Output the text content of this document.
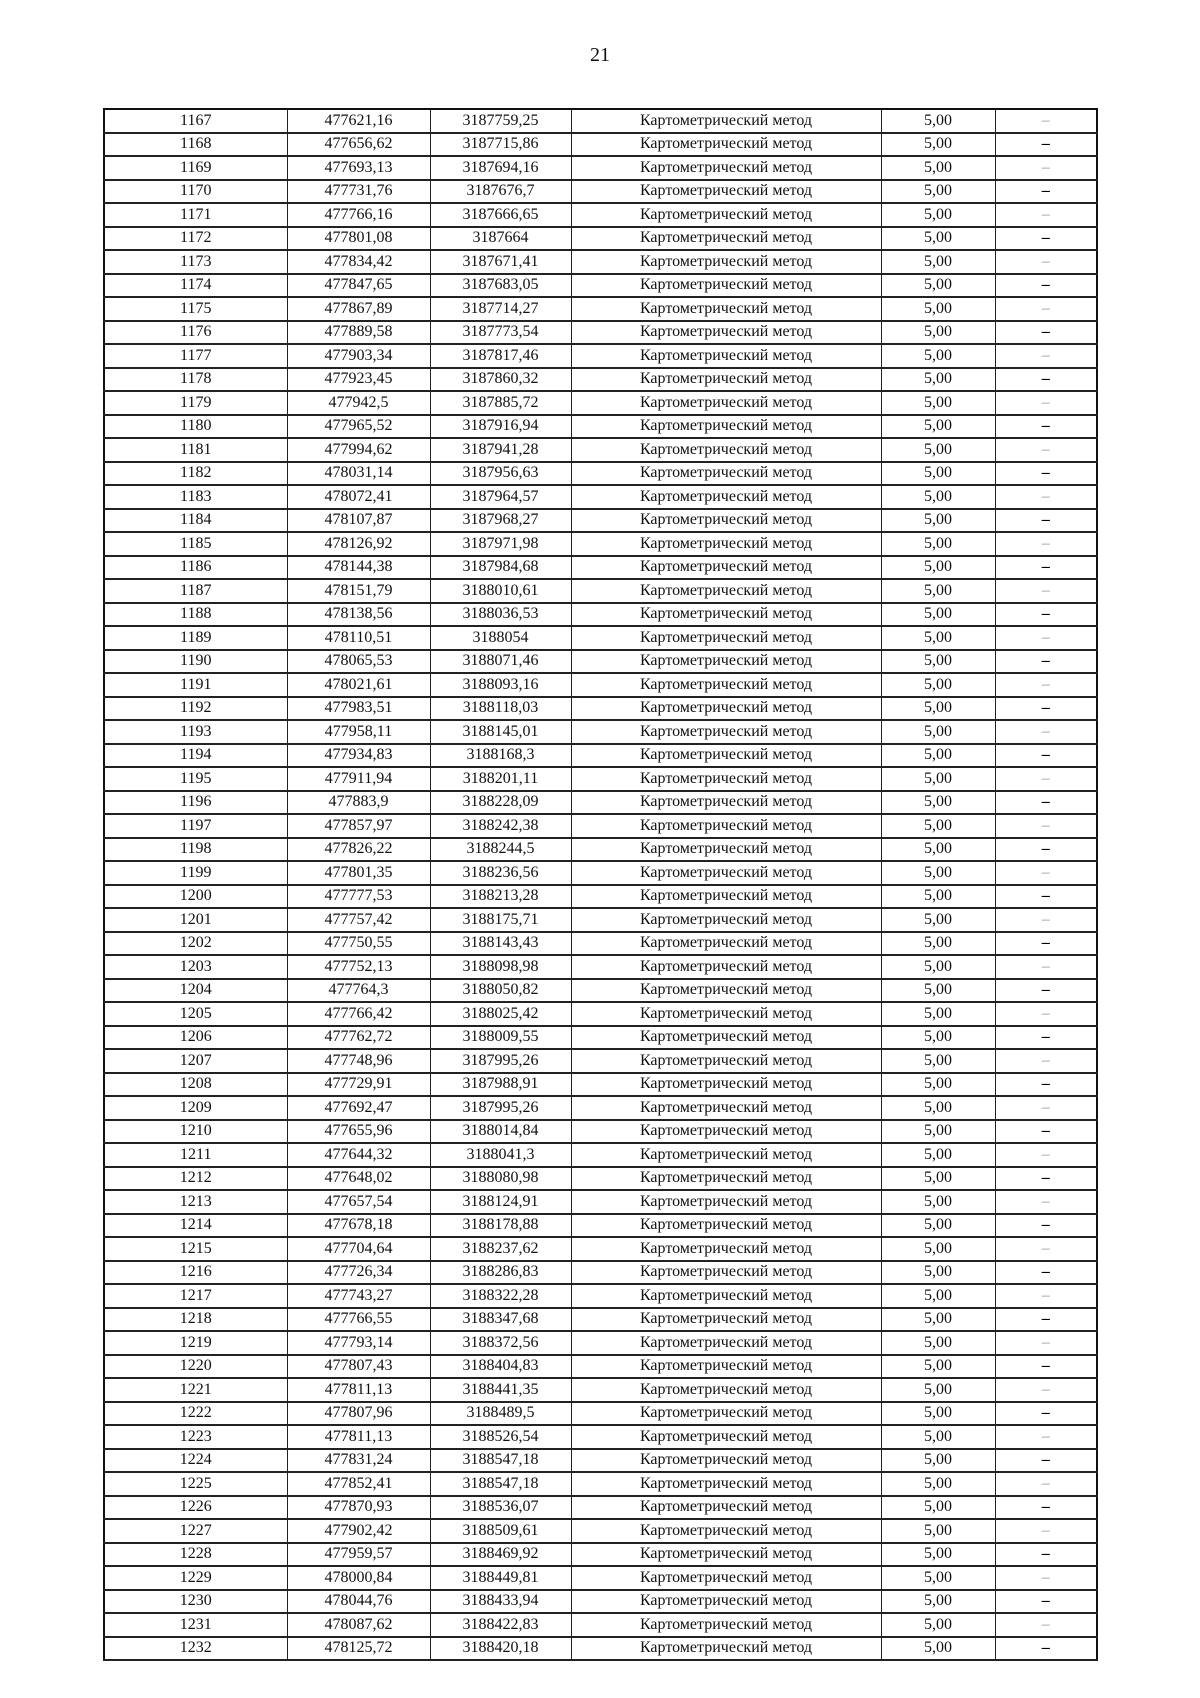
21
1167	477621,16	3187759,25	Картометрический метод	5,00	–
1168	477656,62	3187715,86	Картометрический метод	5,00	–
1169	477693,13	3187694,16	Картометрический метод	5,00	–
1170	477731,76	3187676,7	Картометрический метод	5,00	–
1171	477766,16	3187666,65	Картометрический метод	5,00	–
1172	477801,08	3187664	Картометрический метод	5,00	–
1173	477834,42	3187671,41	Картометрический метод	5,00	–
1174	477847,65	3187683,05	Картометрический метод	5,00	–
1175	477867,89	3187714,27	Картометрический метод	5,00	–
1176	477889,58	3187773,54	Картометрический метод	5,00	–
1177	477903,34	3187817,46	Картометрический метод	5,00	–
1178	477923,45	3187860,32	Картометрический метод	5,00	–
1179	477942,5	3187885,72	Картометрический метод	5,00	–
1180	477965,52	3187916,94	Картометрический метод	5,00	–
1181	477994,62	3187941,28	Картометрический метод	5,00	–
1182	478031,14	3187956,63	Картометрический метод	5,00	–
1183	478072,41	3187964,57	Картометрический метод	5,00	–
1184	478107,87	3187968,27	Картометрический метод	5,00	–
1185	478126,92	3187971,98	Картометрический метод	5,00	–
1186	478144,38	3187984,68	Картометрический метод	5,00	–
1187	478151,79	3188010,61	Картометрический метод	5,00	–
1188	478138,56	3188036,53	Картометрический метод	5,00	–
1189	478110,51	3188054	Картометрический метод	5,00	–
1190	478065,53	3188071,46	Картометрический метод	5,00	–
1191	478021,61	3188093,16	Картометрический метод	5,00	–
1192	477983,51	3188118,03	Картометрический метод	5,00	–
1193	477958,11	3188145,01	Картометрический метод	5,00	–
1194	477934,83	3188168,3	Картометрический метод	5,00	–
1195	477911,94	3188201,11	Картометрический метод	5,00	–
1196	477883,9	3188228,09	Картометрический метод	5,00	–
1197	477857,97	3188242,38	Картометрический метод	5,00	–
1198	477826,22	3188244,5	Картометрический метод	5,00	–
1199	477801,35	3188236,56	Картометрический метод	5,00	–
1200	477777,53	3188213,28	Картометрический метод	5,00	–
1201	477757,42	3188175,71	Картометрический метод	5,00	–
1202	477750,55	3188143,43	Картометрический метод	5,00	–
1203	477752,13	3188098,98	Картометрический метод	5,00	–
1204	477764,3	3188050,82	Картометрический метод	5,00	–
1205	477766,42	3188025,42	Картометрический метод	5,00	–
1206	477762,72	3188009,55	Картометрический метод	5,00	–
1207	477748,96	3187995,26	Картометрический метод	5,00	–
1208	477729,91	3187988,91	Картометрический метод	5,00	–
1209	477692,47	3187995,26	Картометрический метод	5,00	–
1210	477655,96	3188014,84	Картометрический метод	5,00	–
1211	477644,32	3188041,3	Картометрический метод	5,00	–
1212	477648,02	3188080,98	Картометрический метод	5,00	–
1213	477657,54	3188124,91	Картометрический метод	5,00	–
1214	477678,18	3188178,88	Картометрический метод	5,00	–
1215	477704,64	3188237,62	Картометрический метод	5,00	–
1216	477726,34	3188286,83	Картометрический метод	5,00	–
1217	477743,27	3188322,28	Картометрический метод	5,00	–
1218	477766,55	3188347,68	Картометрический метод	5,00	–
1219	477793,14	3188372,56	Картометрический метод	5,00	–
1220	477807,43	3188404,83	Картометрический метод	5,00	–
1221	477811,13	3188441,35	Картометрический метод	5,00	–
1222	477807,96	3188489,5	Картометрический метод	5,00	–
1223	477811,13	3188526,54	Картометрический метод	5,00	–
1224	477831,24	3188547,18	Картометрический метод	5,00	–
1225	477852,41	3188547,18	Картометрический метод	5,00	–
1226	477870,93	3188536,07	Картометрический метод	5,00	–
1227	477902,42	3188509,61	Картометрический метод	5,00	–
1228	477959,57	3188469,92	Картометрический метод	5,00	–
1229	478000,84	3188449,81	Картометрический метод	5,00	–
1230	478044,76	3188433,94	Картометрический метод	5,00	–
1231	478087,62	3188422,83	Картометрический метод	5,00	–
1232	478125,72	3188420,18	Картометрический метод	5,00	–
